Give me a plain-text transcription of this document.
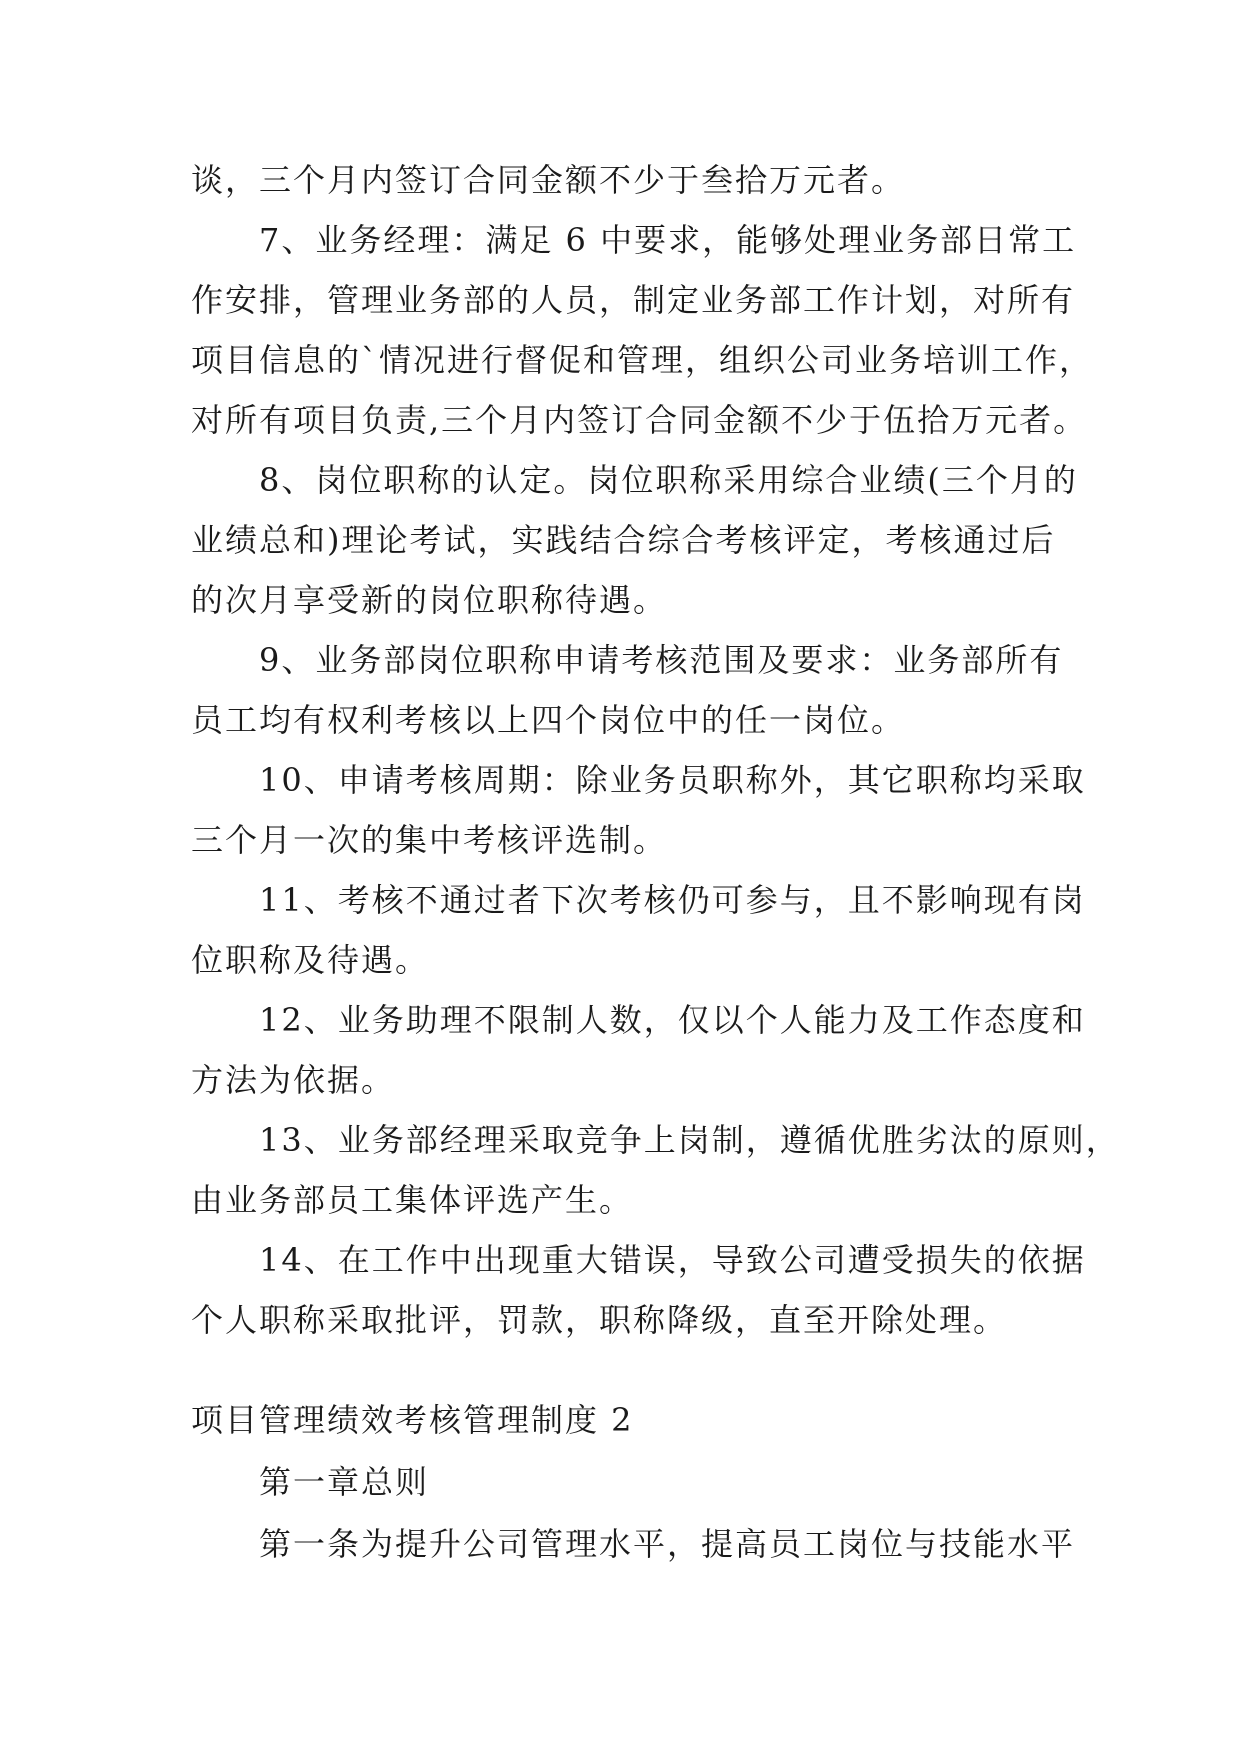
谈，三个月内签订合同金额不少于叁拾万元者。

　　7、业务经理：满足 6 中要求，能够处理业务部日常工
作安排，管理业务部的人员，制定业务部工作计划，对所有
项目信息的`情况进行督促和管理，组织公司业务培训工作，
对所有项目负责,三个月内签订合同金额不少于伍拾万元者。

　　8、岗位职称的认定。岗位职称采用综合业绩(三个月的
业绩总和)理论考试，实践结合综合考核评定，考核通过后
的次月享受新的岗位职称待遇。

　　9、业务部岗位职称申请考核范围及要求：业务部所有
员工均有权利考核以上四个岗位中的任一岗位。

　　10、申请考核周期：除业务员职称外，其它职称均采取
三个月一次的集中考核评选制。

　　11、考核不通过者下次考核仍可参与，且不影响现有岗
位职称及待遇。

　　12、业务助理不限制人数，仅以个人能力及工作态度和
方法为依据。

　　13、业务部经理采取竞争上岗制，遵循优胜劣汰的原则，
由业务部员工集体评选产生。

　　14、在工作中出现重大错误，导致公司遭受损失的依据
个人职称采取批评，罚款，职称降级，直至开除处理。

项目管理绩效考核管理制度 2

　　第一章总则

　　第一条为提升公司管理水平，提高员工岗位与技能水平
